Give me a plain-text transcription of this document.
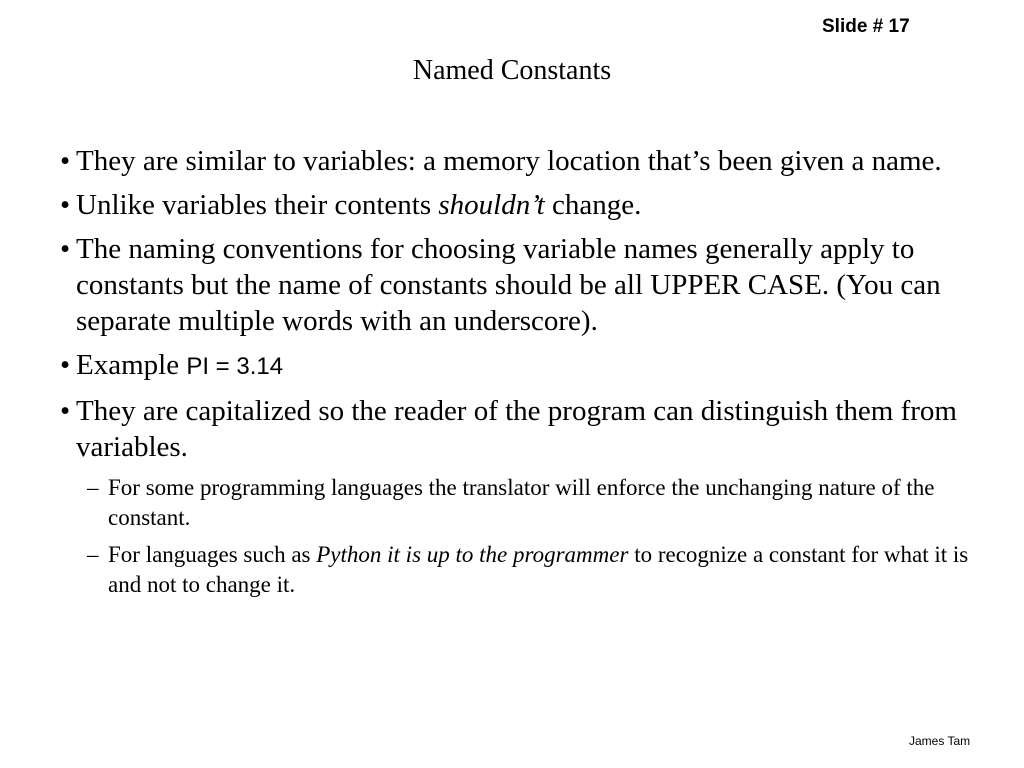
Slide # 17
Named Constants
• They are similar to variables: a memory location that’s been given a name.
• Unlike variables their contents shouldn’t change.
• The naming conventions for choosing variable names generally apply to constants but the name of constants should be all UPPER CASE. (You can separate multiple words with an underscore).
• Example PI = 3.14
• They are capitalized so the reader of the program can distinguish them from variables.
– For some programming languages the translator will enforce the unchanging nature of the constant.
– For languages such as Python it is up to the programmer to recognize a constant for what it is and not to change it.
James Tam
